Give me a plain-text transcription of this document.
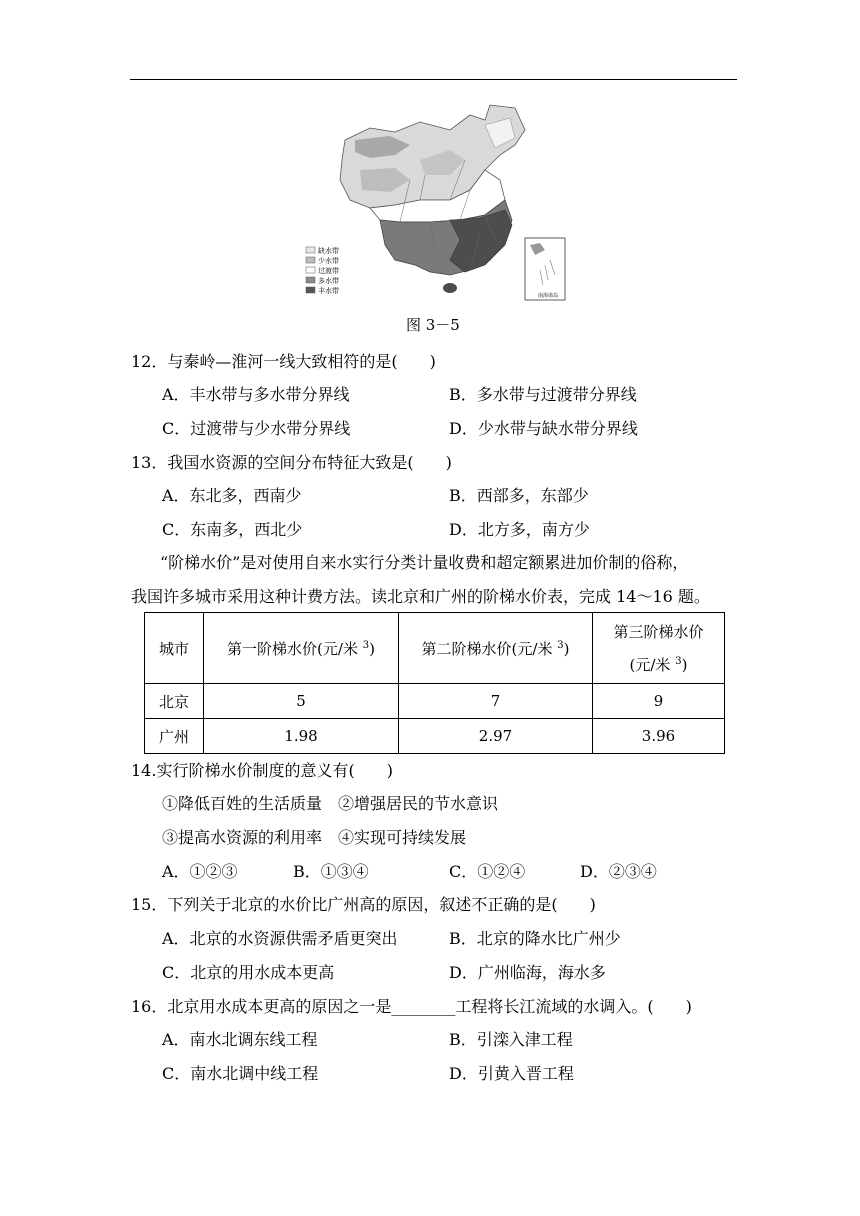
缺水带
少水带
过渡带
多水带
丰水带
南海诸岛
图 3－5
12．与秦岭—淮河一线大致相符的是(　　)
A．丰水带与多水带分界线	B．多水带与过渡带分界线
C．过渡带与少水带分界线	D．少水带与缺水带分界线
13．我国水资源的空间分布特征大致是(　　)
A．东北多，西南少	B．西部多，东部少
C．东南多，西北少	D．北方多，南方少
“阶梯水价”是对使用自来水实行分类计量收费和超定额累进加价制的俗称，
我国许多城市采用这种计费方法。读北京和广州的阶梯水价表，完成 14～16 题。
城市	第一阶梯水价(元/米 $^3$)	第二阶梯水价(元/米 $^3$)	第三阶梯水价
(元/米 $^3$)
北京	5	7	9
广州	1.98	2.97	3.96
14.实行阶梯水价制度的意义有(　　)
①降低百姓的生活质量　②增强居民的节水意识
③提高水资源的利用率　④实现可持续发展
A．①②③	B．①③④	C．①②④	D．②③④
15．下列关于北京的水价比广州高的原因，叙述不正确的是(　　)
A．北京的水资源供需矛盾更突出	B．北京的降水比广州少
C．北京的用水成本更高	D．广州临海，海水多
16．北京用水成本更高的原因之一是________工程将长江流域的水调入。(　　)
A．南水北调东线工程	B．引滦入津工程
C．南水北调中线工程	D．引黄入晋工程
